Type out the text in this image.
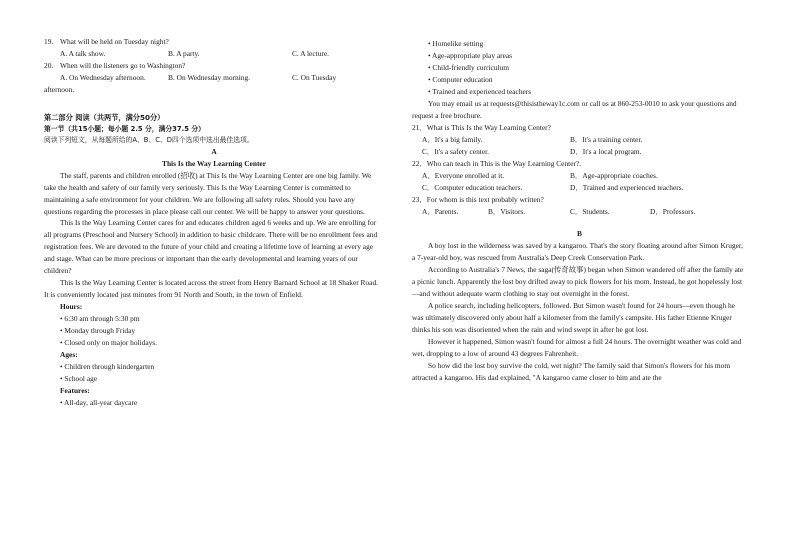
19. What will be held on Tuesday night?
A. A talk show.	B. A party.	C. A lecture.
20. When will the listeners go to Washington?
A. On Wednesday afternoon.	B. On Wednesday morning.	C. On Tuesday

afternoon.

第二部分 阅读（共两节，满分50分）

第一节（共15小题；每小题 2.5 分，满分37.5 分）

阅读下列短文，从每题所给的A、B、C、D四个选项中选出最佳选项。

A

This Is the Way Learning Center

The staff, parents and children enrolled (招收) at This Is the Way Learning Center are one big family. We take the health and safety of our family very seriously. This Is the Way Learning Center is committed to maintaining a safe environment for your children. We are following all safety rules. Should you have any questions regarding the processes in place please call our center. We will be happy to answer your questions.

This Is the Way Learning Center cares for and educates children aged 6 weeks and up. We are enrolling for all programs (Preschool and Nursery School) in addition to basic childcare. There will be no enrollment fees and registration fees. We are devoted to the future of your child and creating a lifetime love of learning at every age and stage. What can be more precious or important than the early developmental and learning years of our children?

This Is the Way Learning Center is located across the street from Henry Barnard School at 18 Shaker Road. It is conveniently located just minutes from 91 North and South, in the town of Enfield.

Hours:

• 6:30 am through 5:30 pm

• Monday through Friday

• Closed only on major holidays.

Ages:

• Children through kindergarten

• School age

Features:

• All-day, all-year daycare

• Homelike setting

• Age-appropriate play areas

• Child-friendly curriculum

• Computer education

• Trained and experienced teachers

You may email us at requests@thisistheway1c.com or call us at 860-253-0010 to ask your questions and request a free brochure.

21．What is This Is the Way Learning Center?

A．It's a big family.	B．It's a training center.
C．It's a safety center.	D．It's a local program.

22．Who can teach in This is the Way Learning Center?.

A．Everyone enrolled at it.	B．Age-appropriate coaches.
C．Computer education teachers.	D．Trained and experienced teachers.

23．For whom is this text probably written?

A．Parents.	B．Visitors.	C．Students.	D．Professors.

B

A boy lost in the wilderness was saved by a kangaroo. That's the story floating around after Simon Kruger, a 7-year-old boy, was rescued from Australia's Deep Creek Conservation Park.

According to Australia's 7 News, the saga(传奇故事) began when Simon wandered off after the family ate a picnic lunch. Apparently the lost boy drifted away to pick flowers for his mom. Instead, he got hopelessly lost—and without adequate warm clothing to stay out overnight in the forest.

A police search, including helicopters, followed. But Simon wasn't found for 24 hours—even though he was ultimately discovered only about half a kilometer from the family's campsite. His father Etienne Kruger thinks his son was disoriented when the rain and wind swept in after he got lost.

However it happened, Simon wasn't found for almost a full 24 hours. The overnight weather was cold and wet, dropping to a low of around 43 degrees Fahrenheit.

So how did the lost boy survive the cold, wet night? The family said that Simon's flowers for his mom attracted a kangaroo. His dad explained, "A kangaroo came closer to him and ate the
